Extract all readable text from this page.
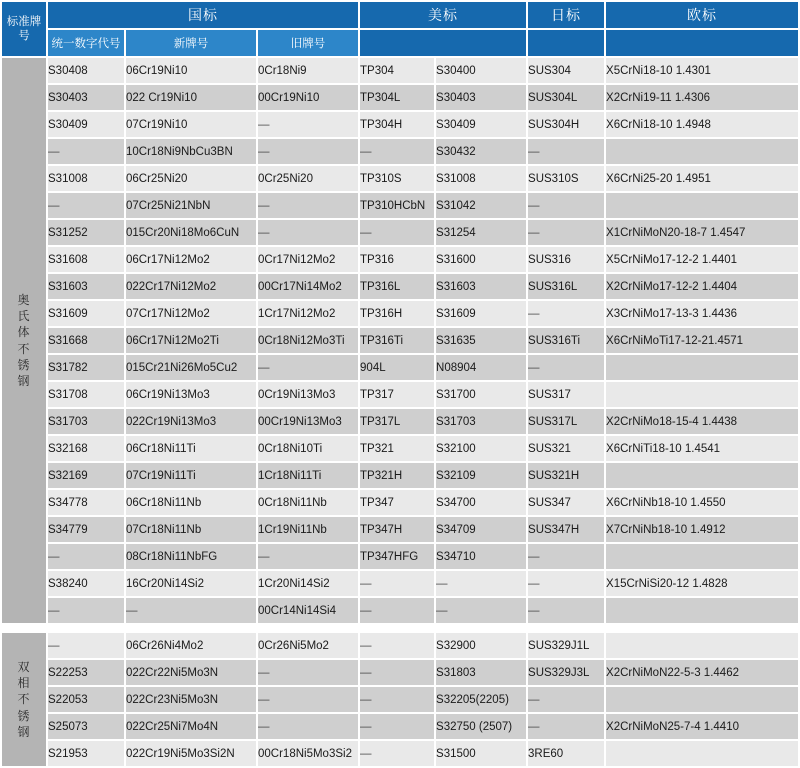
标准牌号	国标			美标		日标	欧标
	统一数字代号	新牌号	旧牌号				

奥
氏
体
不
锈
钢
	S30408	06Cr19Ni10	0Cr18Ni9	TP304	S30400	SUS304	X5CrNi18-10 1.4301
	S30403	022 Cr19Ni10	00Cr19Ni10	TP304L	S30403	SUS304L	X2CrNi19-11 1.4306
	S30409	07Cr19Ni10	—	TP304H	S30409	SUS304H	X6CrNi18-10 1.4948
	—	10Cr18Ni9NbCu3BN	—	—	S30432	—	
	S31008	06Cr25Ni20	0Cr25Ni20	TP310S	S31008	SUS310S	X6CrNi25-20 1.4951
	—	07Cr25Ni21NbN	—	TP310HCbN	S31042	—	
	S31252	015Cr20Ni18Mo6CuN	—	—	S31254	—	X1CrNiMoN20-18-7 1.4547
	S31608	06Cr17Ni12Mo2	0Cr17Ni12Mo2	TP316	S31600	SUS316	X5CrNiMo17-12-2 1.4401
	S31603	022Cr17Ni12Mo2	00Cr17Ni14Mo2	TP316L	S31603	SUS316L	X2CrNiMo17-12-2 1.4404
	S31609	07Cr17Ni12Mo2	1Cr17Ni12Mo2	TP316H	S31609	—	X3CrNiMo17-13-3 1.4436
	S31668	06Cr17Ni12Mo2Ti	0Cr18Ni12Mo3Ti	TP316Ti	S31635	SUS316Ti	X6CrNiMoTi17-12-21.4571
	S31782	015Cr21Ni26Mo5Cu2	—	904L	N08904	—	
	S31708	06Cr19Ni13Mo3	0Cr19Ni13Mo3	TP317	S31700	SUS317	
	S31703	022Cr19Ni13Mo3	00Cr19Ni13Mo3	TP317L	S31703	SUS317L	X2CrNiMo18-15-4 1.4438
	S32168	06Cr18Ni11Ti	0Cr18Ni10Ti	TP321	S32100	SUS321	X6CrNiTi18-10 1.4541
	S32169	07Cr19Ni11Ti	1Cr18Ni11Ti	TP321H	S32109	SUS321H	
	S34778	06Cr18Ni11Nb	0Cr18Ni11Nb	TP347	S34700	SUS347	X6CrNiNb18-10 1.4550
	S34779	07Cr18Ni11Nb	1Cr19Ni11Nb	TP347H	S34709	SUS347H	X7CrNiNb18-10 1.4912
	—	08Cr18Ni11NbFG	—	TP347HFG	S34710	—	
	S38240	16Cr20Ni14Si2	1Cr20Ni14Si2	—	—	—	X15CrNiSi20-12 1.4828
	—	—	00Cr14Ni14Si4	—	—	—	

双
相
不
锈
钢	—	06Cr26Ni4Mo2	0Cr26Ni5Mo2	—	S32900	SUS329J1L	
	S22253	022Cr22Ni5Mo3N	—	—	S31803	SUS329J3L	X2CrNiMoN22-5-3 1.4462
	S22053	022Cr23Ni5Mo3N	—	—	S32205(2205)	—	
	S25073	022Cr25Ni7Mo4N	—	—	S32750 (2507)	—	X2CrNiMoN25-7-4 1.4410
	S21953	022Cr19Ni5Mo3Si2N	00Cr18Ni5Mo3Si2	—	S31500	3RE60	
